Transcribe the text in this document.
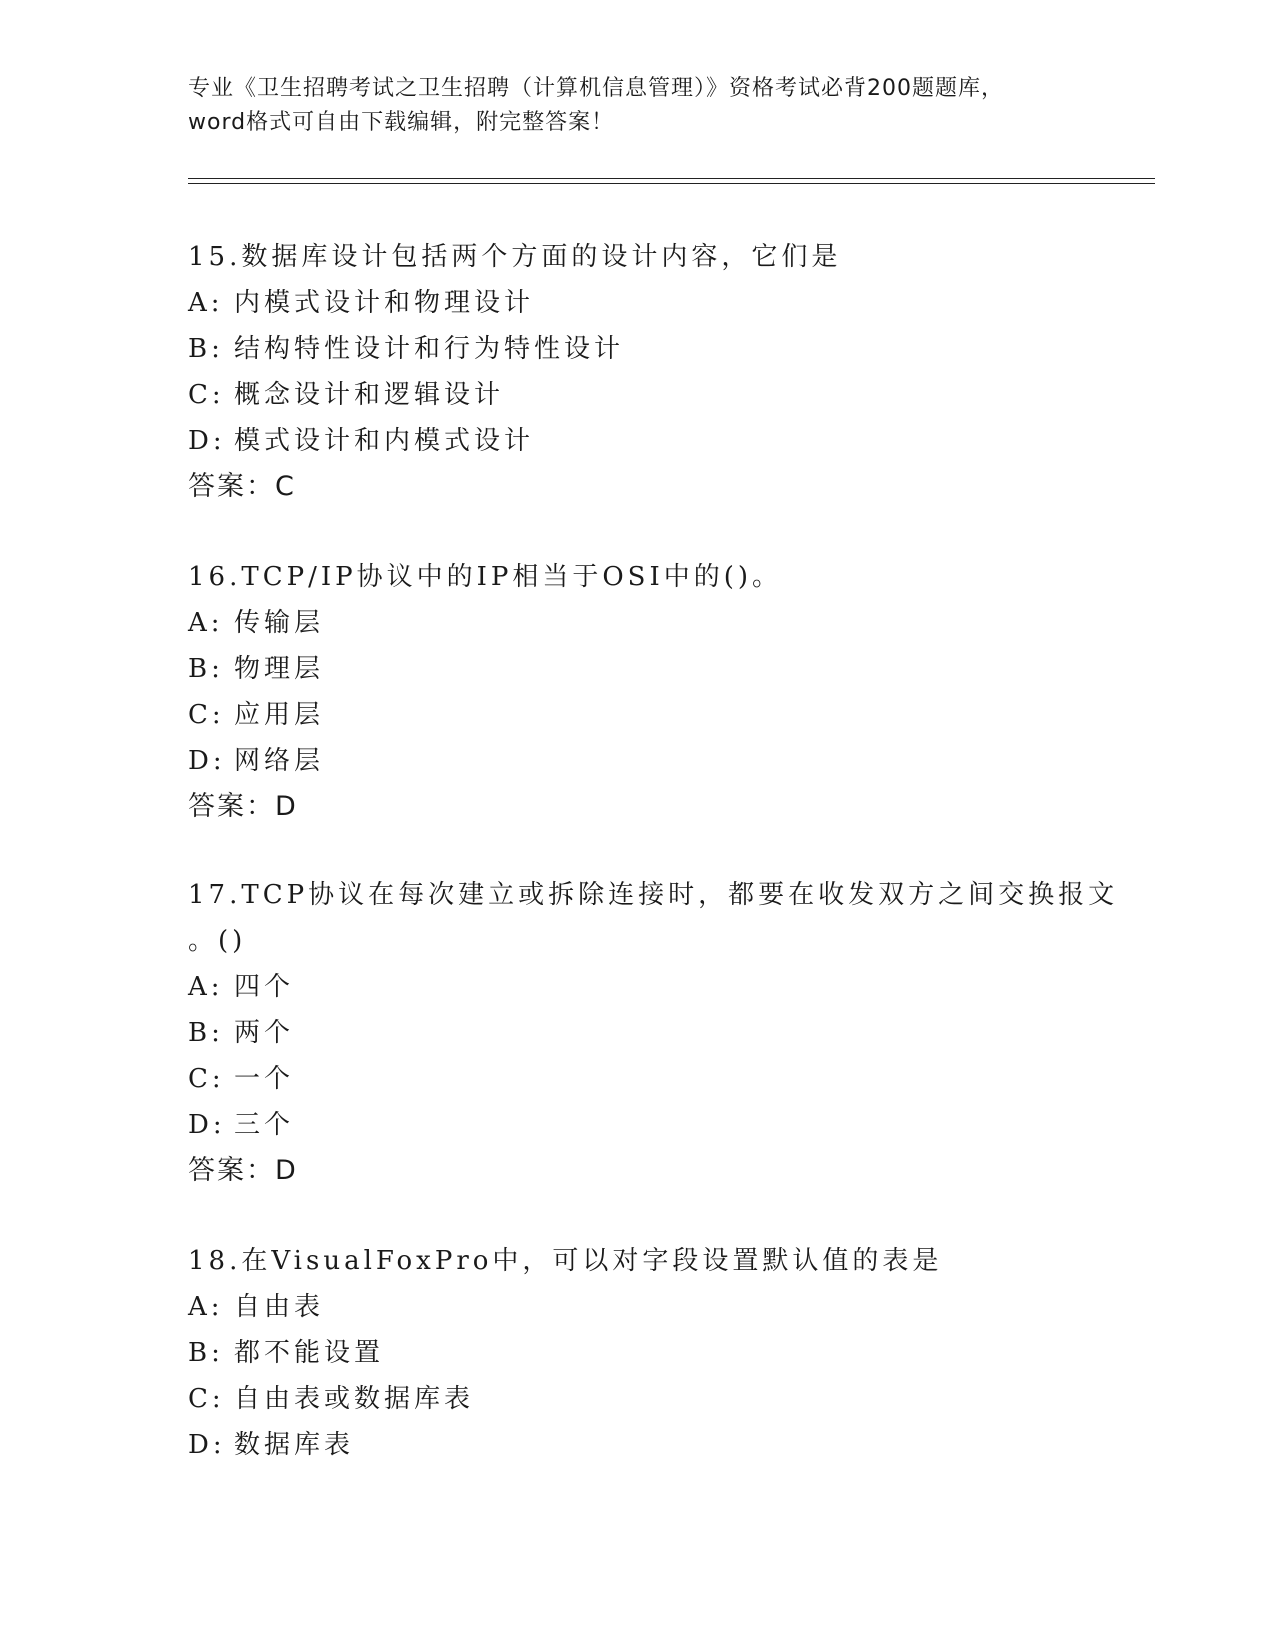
专业《卫生招聘考试之卫生招聘（计算机信息管理）》资格考试必背200题题库，
word格式可自由下载编辑，附完整答案！
15.数据库设计包括两个方面的设计内容，它们是
A: 内模式设计和物理设计
B: 结构特性设计和行为特性设计
C: 概念设计和逻辑设计
D: 模式设计和内模式设计
答案：C
16.TCP/IP协议中的IP相当于OSI中的()。
A: 传输层
B: 物理层
C: 应用层
D: 网络层
答案：D
17.TCP协议在每次建立或拆除连接时，都要在收发双方之间交换报文
。()
A: 四个
B: 两个
C: 一个
D: 三个
答案：D
18.在VisualFoxPro中，可以对字段设置默认值的表是
A: 自由表
B: 都不能设置
C: 自由表或数据库表
D: 数据库表
